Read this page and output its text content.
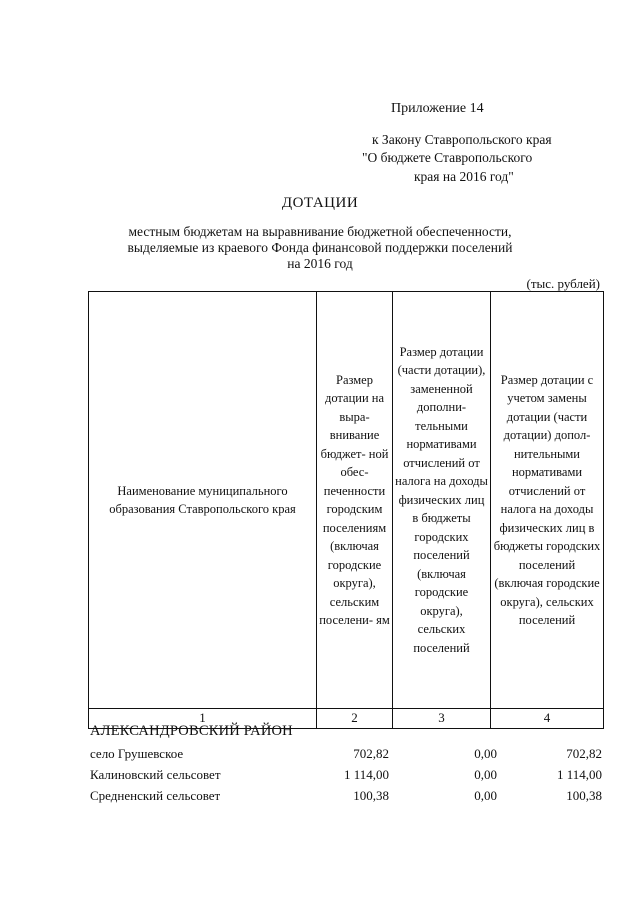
Приложение 14
к Закону Ставропольского края
"О бюджете Ставропольского
края на 2016 год"
ДОТАЦИИ
местным бюджетам на выравнивание бюджетной обеспеченности,
выделяемые из краевого Фонда финансовой поддержки поселений
на 2016 год
(тыс. рублей)
Наименование муниципального образования Ставропольского края	Размер дотации на выра- внивание бюджет- ной обес- печенности городским поселениям (включая городские округа), сельским поселени- ям	Размер дотации (части дотации), замененной дополни- тельными нормативами отчислений от налога на доходы физических лиц в бюджеты городских поселений (включая городские округа), сельских поселений	Размер дотации с учетом замены дотации (части дотации) допол- нительными нормативами отчислений от налога на доходы физических лиц в бюджеты городских поселений (включая городские округа), сельских поселений
1	2	3	4
АЛЕКСАНДРОВСКИЙ РАЙОН
село Грушевское	702,82	0,00	702,82
Калиновский сельсовет	1 114,00	0,00	1 114,00
Средненский сельсовет	100,38	0,00	100,38
